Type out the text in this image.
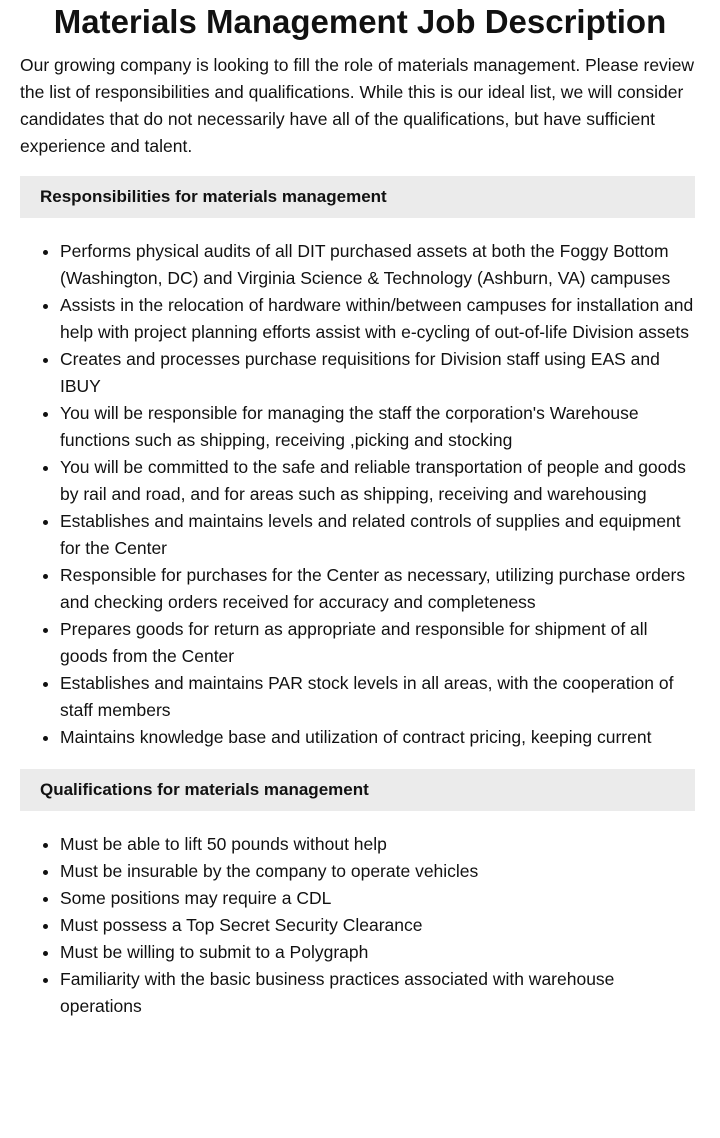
Materials Management Job Description

Our growing company is looking to fill the role of materials management. Please review the list of responsibilities and qualifications. While this is our ideal list, we will consider candidates that do not necessarily have all of the qualifications, but have sufficient experience and talent.

Responsibilities for materials management
• Performs physical audits of all DIT purchased assets at both the Foggy Bottom (Washington, DC) and Virginia Science & Technology (Ashburn, VA) campuses
• Assists in the relocation of hardware within/between campuses for installation and help with project planning efforts assist with e-cycling of out-of-life Division assets
• Creates and processes purchase requisitions for Division staff using EAS and IBUY
• You will be responsible for managing the staff the corporation's Warehouse functions such as shipping, receiving ,picking and stocking
• You will be committed to the safe and reliable transportation of people and goods by rail and road, and for areas such as shipping, receiving and warehousing
• Establishes and maintains levels and related controls of supplies and equipment for the Center
• Responsible for purchases for the Center as necessary, utilizing purchase orders and checking orders received for accuracy and completeness
• Prepares goods for return as appropriate and responsible for shipment of all goods from the Center
• Establishes and maintains PAR stock levels in all areas, with the cooperation of staff members
• Maintains knowledge base and utilization of contract pricing, keeping current
Qualifications for materials management
• Must be able to lift 50 pounds without help
• Must be insurable by the company to operate vehicles
• Some positions may require a CDL
• Must possess a Top Secret Security Clearance
• Must be willing to submit to a Polygraph
• Familiarity with the basic business practices associated with warehouse operations
